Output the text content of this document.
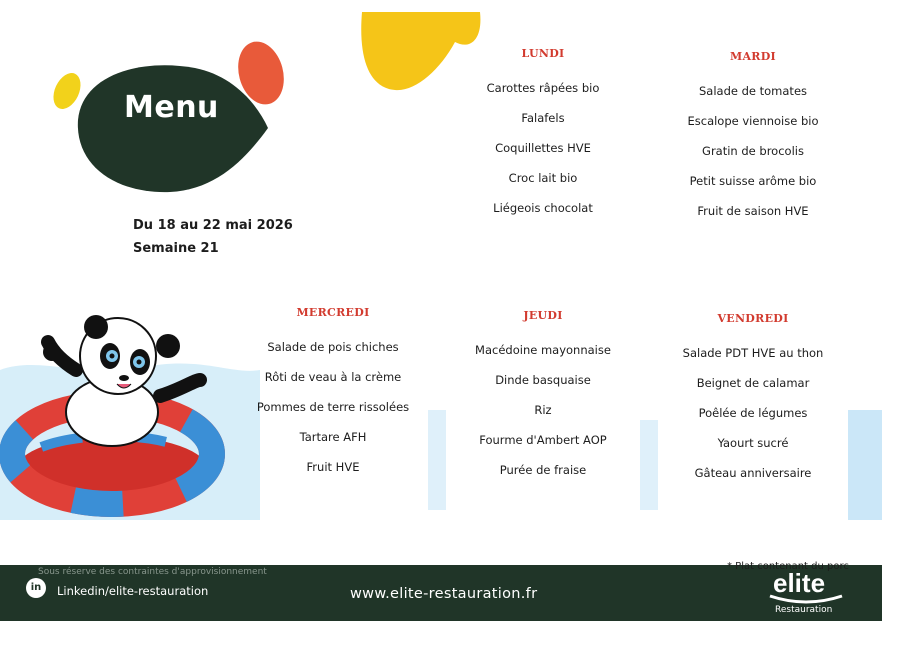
Menu
Du 18 au 22 mai 2026
Semaine 21
LUNDI
Carottes râpées bio
Falafels
Coquillettes HVE
Croc lait bio
Liégeois chocolat
MARDI
Salade de tomates
Escalope viennoise bio
Gratin de brocolis
Petit suisse arôme bio
Fruit de saison HVE
MERCREDI
Salade de pois chiches
Rôti de veau à la crème
Pommes de terre rissolées
Tartare AFH
Fruit HVE
JEUDI
Macédoine mayonnaise
Dinde basquaise
Riz
Fourme d'Ambert AOP
Purée de fraise
VENDREDI
Salade PDT HVE au thon
Beignet de calamar
Poêlée de légumes
Yaourt sucré
Gâteau anniversaire
Sous réserve des contraintes d'approvisionnement	* Plat contenant du porc
in	Linkedin/elite-restauration	www.elite-restauration.fr	elite
Restauration
